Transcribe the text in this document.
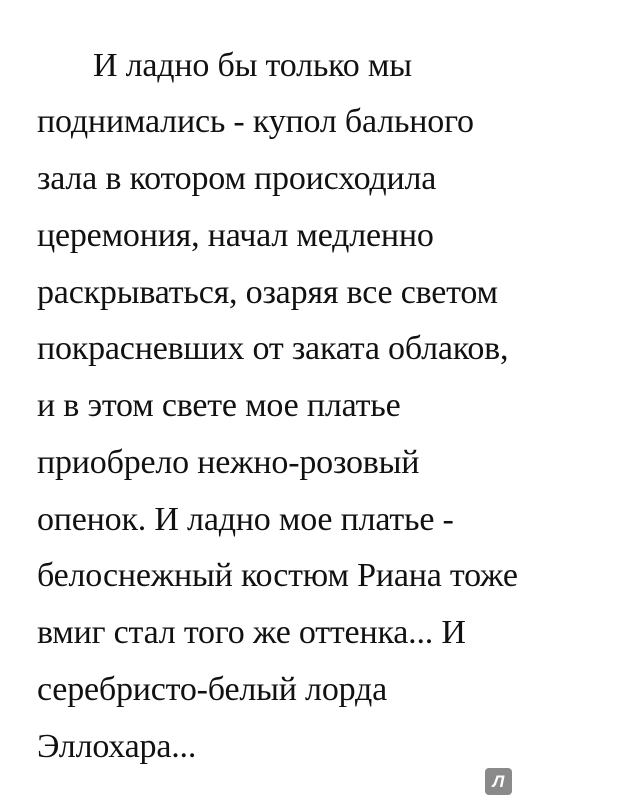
И ладно бы только мы
поднимались - купол бального
зала в котором происходила
церемония, начал медленно
раскрываться, озаряя все светом
покрасневших от заката облаков,
и в этом свете мое платье
приобрело нежно-розовый
опенок. И ладно мое платье -
белоснежный костюм Риана тоже
вмиг стал того же оттенка... И
серебристо-белый лорда
Эллохара...
Л
